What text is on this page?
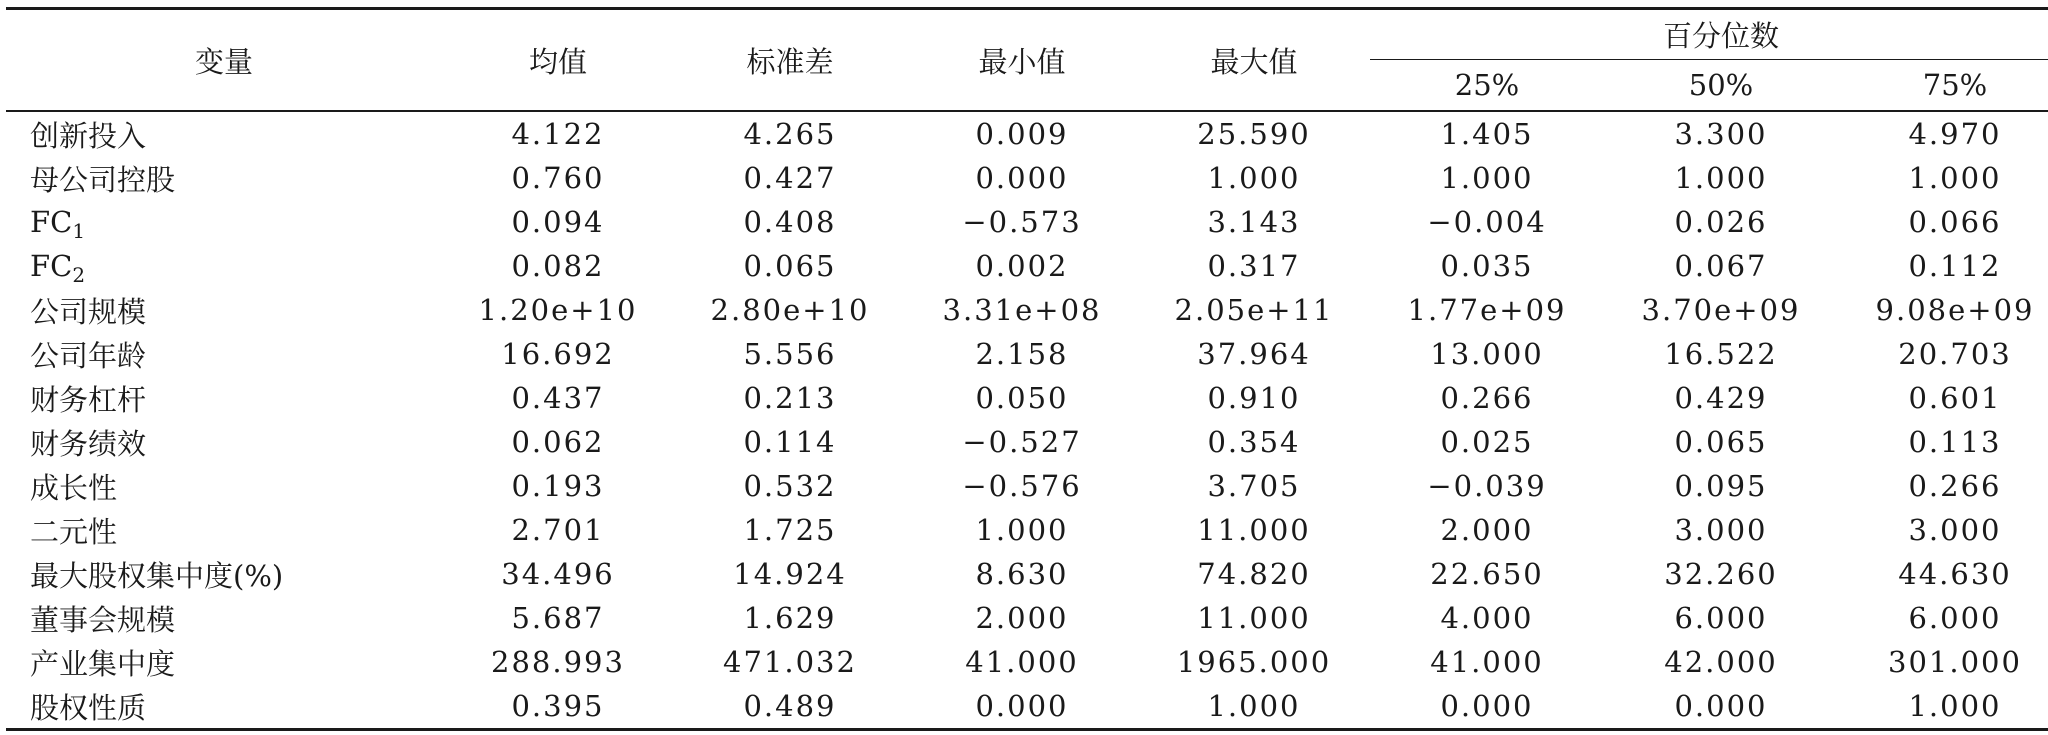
变量	均值	标准差	最小值	最大值	百分位数		
					25%	50%	75%
创新投入	4.122	4.265	0.009	25.590	1.405	3.300	4.970
母公司控股	0.760	0.427	0.000	1.000	1.000	1.000	1.000
$FC_1$	0.094	0.408	−0.573	3.143	−0.004	0.026	0.066
$FC_2$	0.082	0.065	0.002	0.317	0.035	0.067	0.112
公司规模	1.20e+10	2.80e+10	3.31e+08	2.05e+11	1.77e+09	3.70e+09	9.08e+09
公司年龄	16.692	5.556	2.158	37.964	13.000	16.522	20.703
财务杠杆	0.437	0.213	0.050	0.910	0.266	0.429	0.601
财务绩效	0.062	0.114	−0.527	0.354	0.025	0.065	0.113
成长性	0.193	0.532	−0.576	3.705	−0.039	0.095	0.266
二元性	2.701	1.725	1.000	11.000	2.000	3.000	3.000
最大股权集中度(%)	34.496	14.924	8.630	74.820	22.650	32.260	44.630
董事会规模	5.687	1.629	2.000	11.000	4.000	6.000	6.000
产业集中度	288.993	471.032	41.000	1965.000	41.000	42.000	301.000
股权性质	0.395	0.489	0.000	1.000	0.000	0.000	1.000
